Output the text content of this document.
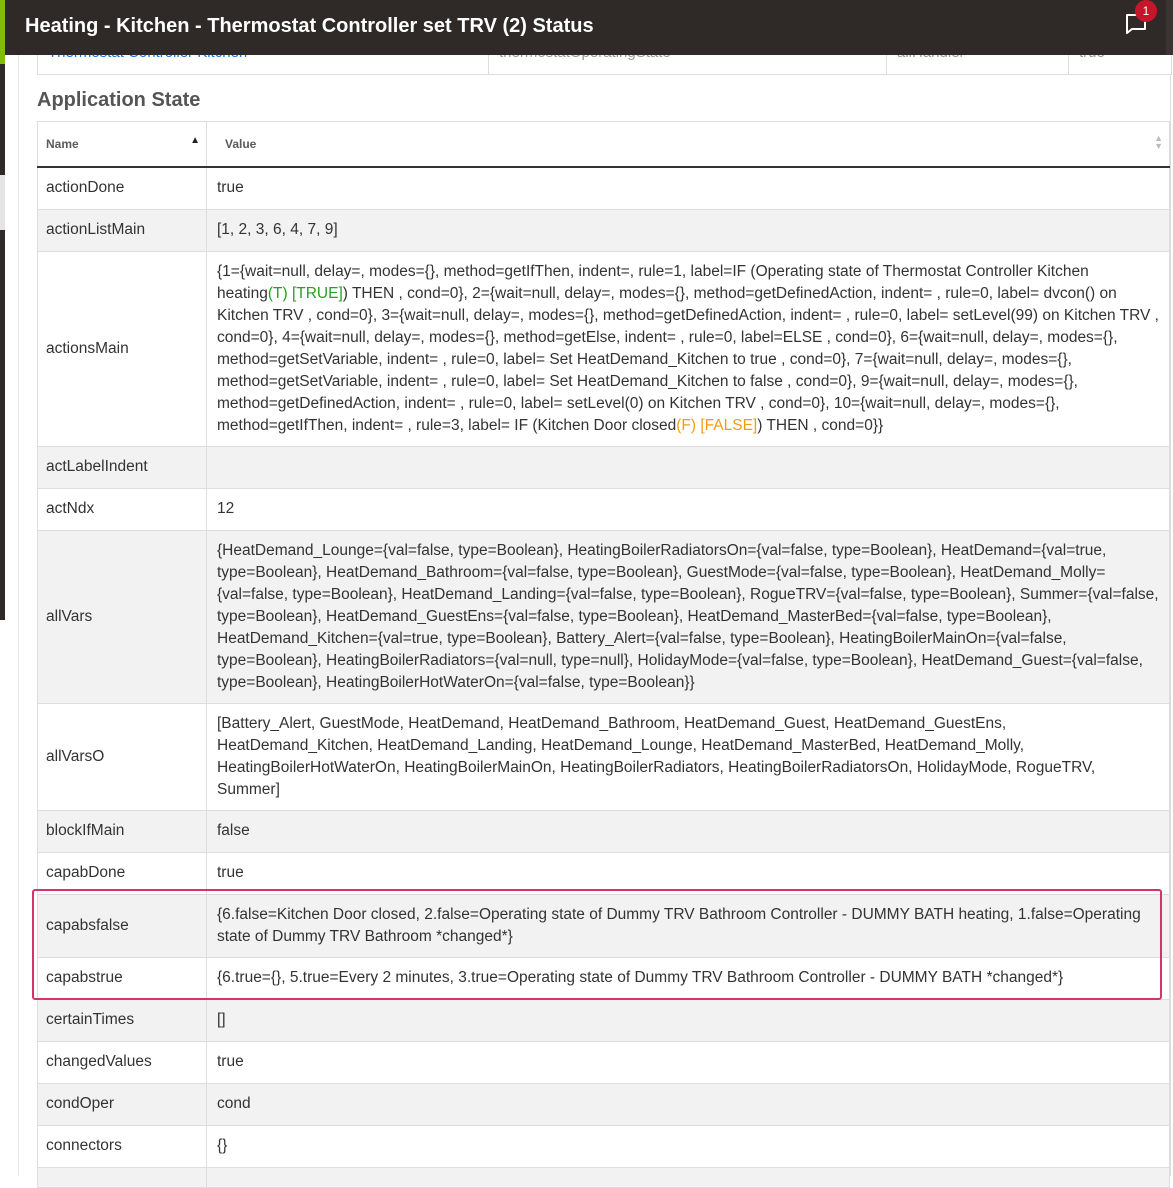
Heating - Kitchen - Thermostat Controller set TRV (2) Status
1
Application State
Name ▲	Value ▲
▼

actionDone	true
actionListMain	[1, 2, 3, 6, 4, 7, 9]
actionsMain	{1={wait=null, delay=, modes={}, method=getIfThen, indent=, rule=1, label=IF (Operating state of Thermostat Controller Kitchen heating(T) [TRUE]) THEN , cond=0}, 2={wait=null, delay=, modes={}, method=getDefinedAction, indent= , rule=0, label= dvcon() on Kitchen TRV , cond=0}, 3={wait=null, delay=, modes={}, method=getDefinedAction, indent= , rule=0, label= setLevel(99) on Kitchen TRV , cond=0}, 4={wait=null, delay=, modes={}, method=getElse, indent= , rule=0, label=ELSE , cond=0}, 6={wait=null, delay=, modes={}, method=getSetVariable, indent= , rule=0, label= Set HeatDemand_Kitchen to true , cond=0}, 7={wait=null, delay=, modes={}, method=getSetVariable, indent= , rule=0, label= Set HeatDemand_Kitchen to false , cond=0}, 9={wait=null, delay=, modes={}, method=getDefinedAction, indent= , rule=0, label= setLevel(0) on Kitchen TRV , cond=0}, 10={wait=null, delay=, modes={}, method=getIfThen, indent= , rule=3, label= IF (Kitchen Door closed(F) [FALSE]) THEN , cond=0}}
actLabelIndent	
actNdx	12
allVars	{HeatDemand_Lounge={val=false, type=Boolean}, HeatingBoilerRadiatorsOn={val=false, type=Boolean}, HeatDemand={val=true, type=Boolean}, HeatDemand_Bathroom={val=false, type=Boolean}, GuestMode={val=false, type=Boolean}, HeatDemand_Molly={val=false, type=Boolean}, HeatDemand_Landing={val=false, type=Boolean}, RogueTRV={val=false, type=Boolean}, Summer={val=false, type=Boolean}, HeatDemand_GuestEns={val=false, type=Boolean}, HeatDemand_MasterBed={val=false, type=Boolean}, HeatDemand_Kitchen={val=true, type=Boolean}, Battery_Alert={val=false, type=Boolean}, HeatingBoilerMainOn={val=false, type=Boolean}, HeatingBoilerRadiators={val=null, type=null}, HolidayMode={val=false, type=Boolean}, HeatDemand_Guest={val=false, type=Boolean}, HeatingBoilerHotWaterOn={val=false, type=Boolean}}
allVarsO	[Battery_Alert, GuestMode, HeatDemand, HeatDemand_Bathroom, HeatDemand_Guest, HeatDemand_GuestEns, HeatDemand_Kitchen, HeatDemand_Landing, HeatDemand_Lounge, HeatDemand_MasterBed, HeatDemand_Molly, HeatingBoilerHotWaterOn, HeatingBoilerMainOn, HeatingBoilerRadiators, HeatingBoilerRadiatorsOn, HolidayMode, RogueTRV, Summer]
blockIfMain	false
capabDone	true
capabsfalse	{6.false=Kitchen Door closed, 2.false=Operating state of Dummy TRV Bathroom Controller - DUMMY BATH heating, 1.false=Operating state of Dummy TRV Bathroom *changed*}
capabstrue	{6.true={}, 5.true=Every 2 minutes, 3.true=Operating state of Dummy TRV Bathroom Controller - DUMMY BATH *changed*}
certainTimes	[]
changedValues	true
condOper	cond
connectors	{}
